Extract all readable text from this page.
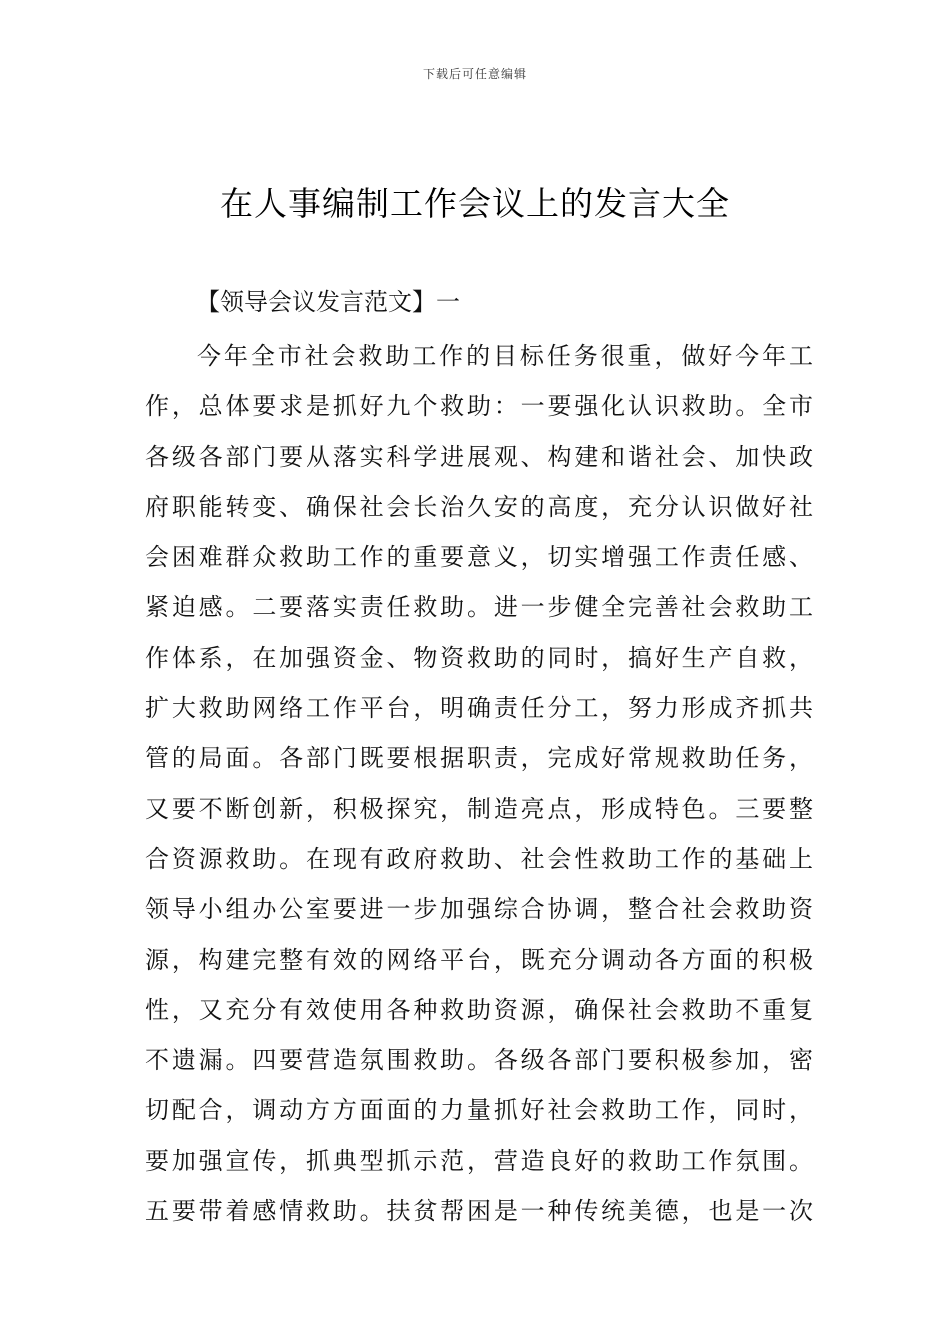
下载后可任意编辑
在人事编制工作会议上的发言大全
【领导会议发言范文】一
今年全市社会救助工作的目标任务很重，做好今年工
作，总体要求是抓好九个救助：一要强化认识救助。全市
各级各部门要从落实科学进展观、构建和谐社会、加快政
府职能转变、确保社会长治久安的高度，充分认识做好社
会困难群众救助工作的重要意义，切实增强工作责任感、
紧迫感。二要落实责任救助。进一步健全完善社会救助工
作体系，在加强资金、物资救助的同时，搞好生产自救，
扩大救助网络工作平台，明确责任分工，努力形成齐抓共
管的局面。各部门既要根据职责，完成好常规救助任务，
又要不断创新，积极探究，制造亮点，形成特色。三要整
合资源救助。在现有政府救助、社会性救助工作的基础上
领导小组办公室要进一步加强综合协调，整合社会救助资
源，构建完整有效的网络平台，既充分调动各方面的积极
性，又充分有效使用各种救助资源，确保社会救助不重复
不遗漏。四要营造氛围救助。各级各部门要积极参加，密
切配合，调动方方面面的力量抓好社会救助工作，同时，
要加强宣传，抓典型抓示范，营造良好的救助工作氛围。
五要带着感情救助。扶贫帮困是一种传统美德，也是一次
